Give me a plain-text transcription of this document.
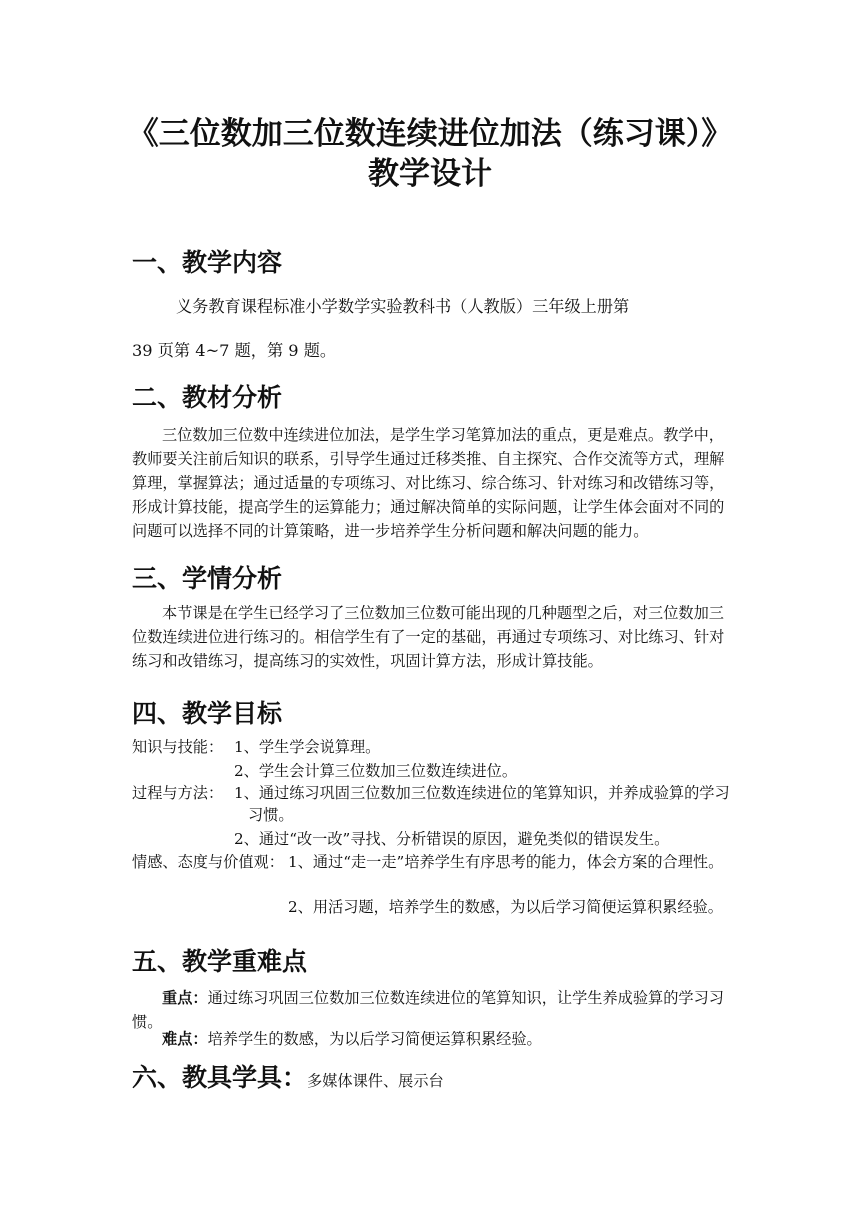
《三位数加三位数连续进位加法（练习课）》
教学设计
一、教学内容
义务教育课程标准小学数学实验教科书（人教版）三年级上册第
39 页第 4~7 题，第 9 题。
二、教材分析
三位数加三位数中连续进位加法，是学生学习笔算加法的重点，更是难点。教学中，教师要关注前后知识的联系，引导学生通过迁移类推、自主探究、合作交流等方式，理解算理，掌握算法；通过适量的专项练习、对比练习、综合练习、针对练习和改错练习等，形成计算技能，提高学生的运算能力；通过解决简单的实际问题，让学生体会面对不同的问题可以选择不同的计算策略，进一步培养学生分析问题和解决问题的能力。
三、学情分析
本节课是在学生已经学习了三位数加三位数可能出现的几种题型之后，对三位数加三位数连续进位进行练习的。相信学生有了一定的基础，再通过专项练习、对比练习、针对练习和改错练习，提高练习的实效性，巩固计算方法，形成计算技能。
四、教学目标
知识与技能： 1、学生学会说算理。
2、学生会计算三位数加三位数连续进位。
过程与方法： 1、通过练习巩固三位数加三位数连续进位的笔算知识，并养成验算的学习习惯。
2、通过“改一改”寻找、分析错误的原因，避免类似的错误发生。
情感、态度与价值观： 1、通过“走一走”培养学生有序思考的能力，体会方案的合理性。
2、用活习题，培养学生的数感，为以后学习简便运算积累经验。
五、教学重难点
重点：通过练习巩固三位数加三位数连续进位的笔算知识，让学生养成验算的学习习惯。
难点：培养学生的数感，为以后学习简便运算积累经验。
六、教具学具：多媒体课件、展示台
